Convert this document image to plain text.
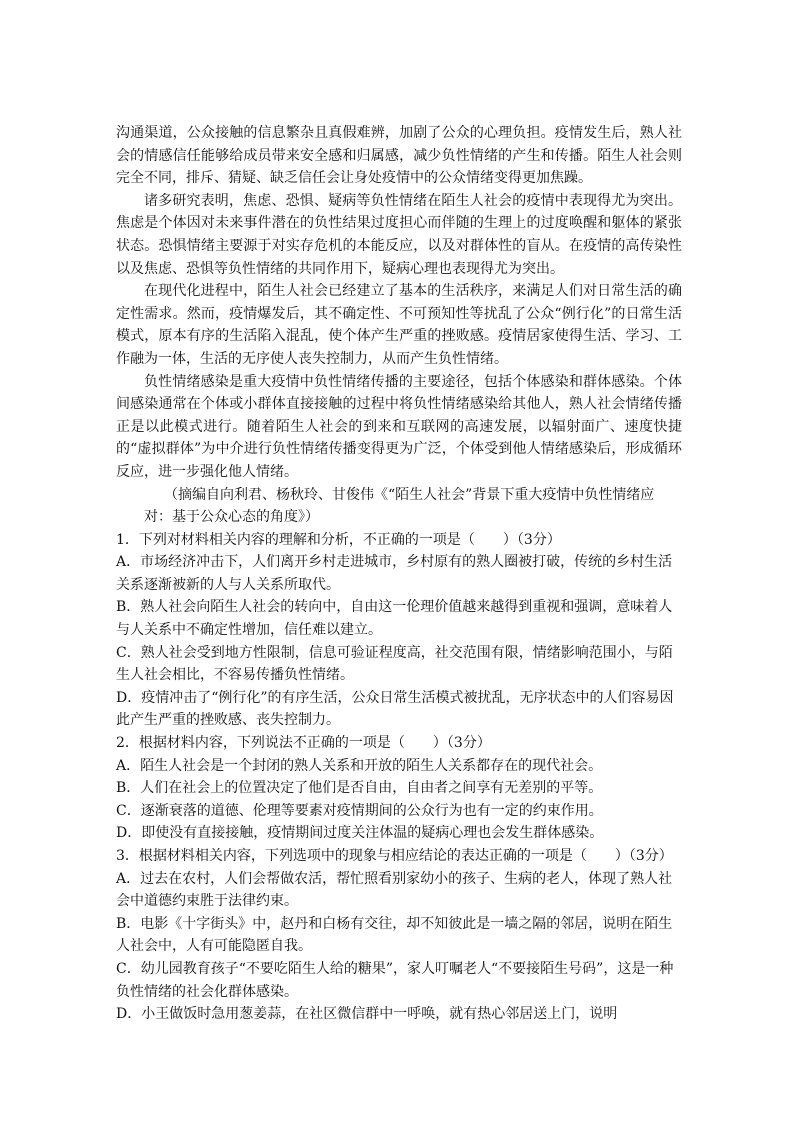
沟通渠道，公众接触的信息繁杂且真假难辨，加剧了公众的心理负担。疫情发生后，熟人社会的情感信任能够给成员带来安全感和归属感，减少负性情绪的产生和传播。陌生人社会则完全不同，排斥、猜疑、缺乏信任会让身处疫情中的公众情绪变得更加焦躁。

诸多研究表明，焦虑、恐惧、疑病等负性情绪在陌生人社会的疫情中表现得尤为突出。焦虑是个体因对未来事件潜在的负性结果过度担心而伴随的生理上的过度唤醒和躯体的紧张状态。恐惧情绪主要源于对实存危机的本能反应，以及对群体性的盲从。在疫情的高传染性以及焦虑、恐惧等负性情绪的共同作用下，疑病心理也表现得尤为突出。

在现代化进程中，陌生人社会已经建立了基本的生活秩序，来满足人们对日常生活的确定性需求。然而，疫情爆发后，其不确定性、不可预知性等扰乱了公众“例行化”的日常生活模式，原本有序的生活陷入混乱，使个体产生严重的挫败感。疫情居家使得生活、学习、工作融为一体，生活的无序使人丧失控制力，从而产生负性情绪。

负性情绪感染是重大疫情中负性情绪传播的主要途径，包括个体感染和群体感染。个体间感染通常在个体或小群体直接接触的过程中将负性情绪感染给其他人，熟人社会情绪传播正是以此模式进行。随着陌生人社会的到来和互联网的高速发展，以辐射面广、速度快捷的“虚拟群体”为中介进行负性情绪传播变得更为广泛，个体受到他人情绪感染后，形成循环反应，进一步强化他人情绪。

（摘编自向利君、杨秋玲、甘俊伟《“陌生人社会”背景下重大疫情中负性情绪应对：基于公众心态的角度》）

1．下列对材料相关内容的理解和分析，不正确的一项是（　　）（3分）

A．市场经济冲击下，人们离开乡村走进城市，乡村原有的熟人圈被打破，传统的乡村生活关系逐渐被新的人与人关系所取代。

B．熟人社会向陌生人社会的转向中，自由这一伦理价值越来越得到重视和强调，意味着人与人关系中不确定性增加，信任难以建立。

C．熟人社会受到地方性限制，信息可验证程度高，社交范围有限，情绪影响范围小，与陌生人社会相比，不容易传播负性情绪。

D．疫情冲击了“例行化”的有序生活，公众日常生活模式被扰乱，无序状态中的人们容易因此产生严重的挫败感、丧失控制力。

2．根据材料内容，下列说法不正确的一项是（　　）（3分）

A．陌生人社会是一个封闭的熟人关系和开放的陌生人关系都存在的现代社会。

B．人们在社会上的位置决定了他们是否自由，自由者之间享有无差别的平等。

C．逐渐衰落的道德、伦理等要素对疫情期间的公众行为也有一定的约束作用。

D．即使没有直接接触，疫情期间过度关注体温的疑病心理也会发生群体感染。

3．根据材料相关内容，下列选项中的现象与相应结论的表达正确的一项是（　　）（3分）

A．过去在农村，人们会帮做农活，帮忙照看别家幼小的孩子、生病的老人，体现了熟人社会中道德约束胜于法律约束。

B．电影《十字街头》中，赵丹和白杨有交往，却不知彼此是一墙之隔的邻居，说明在陌生人社会中，人有可能隐匿自我。

C．幼儿园教育孩子“不要吃陌生人给的糖果”，家人叮嘱老人“不要接陌生号码”，这是一种负性情绪的社会化群体感染。

D．小王做饭时急用葱姜蒜，在社区微信群中一呼唤，就有热心邻居送上门，说明
